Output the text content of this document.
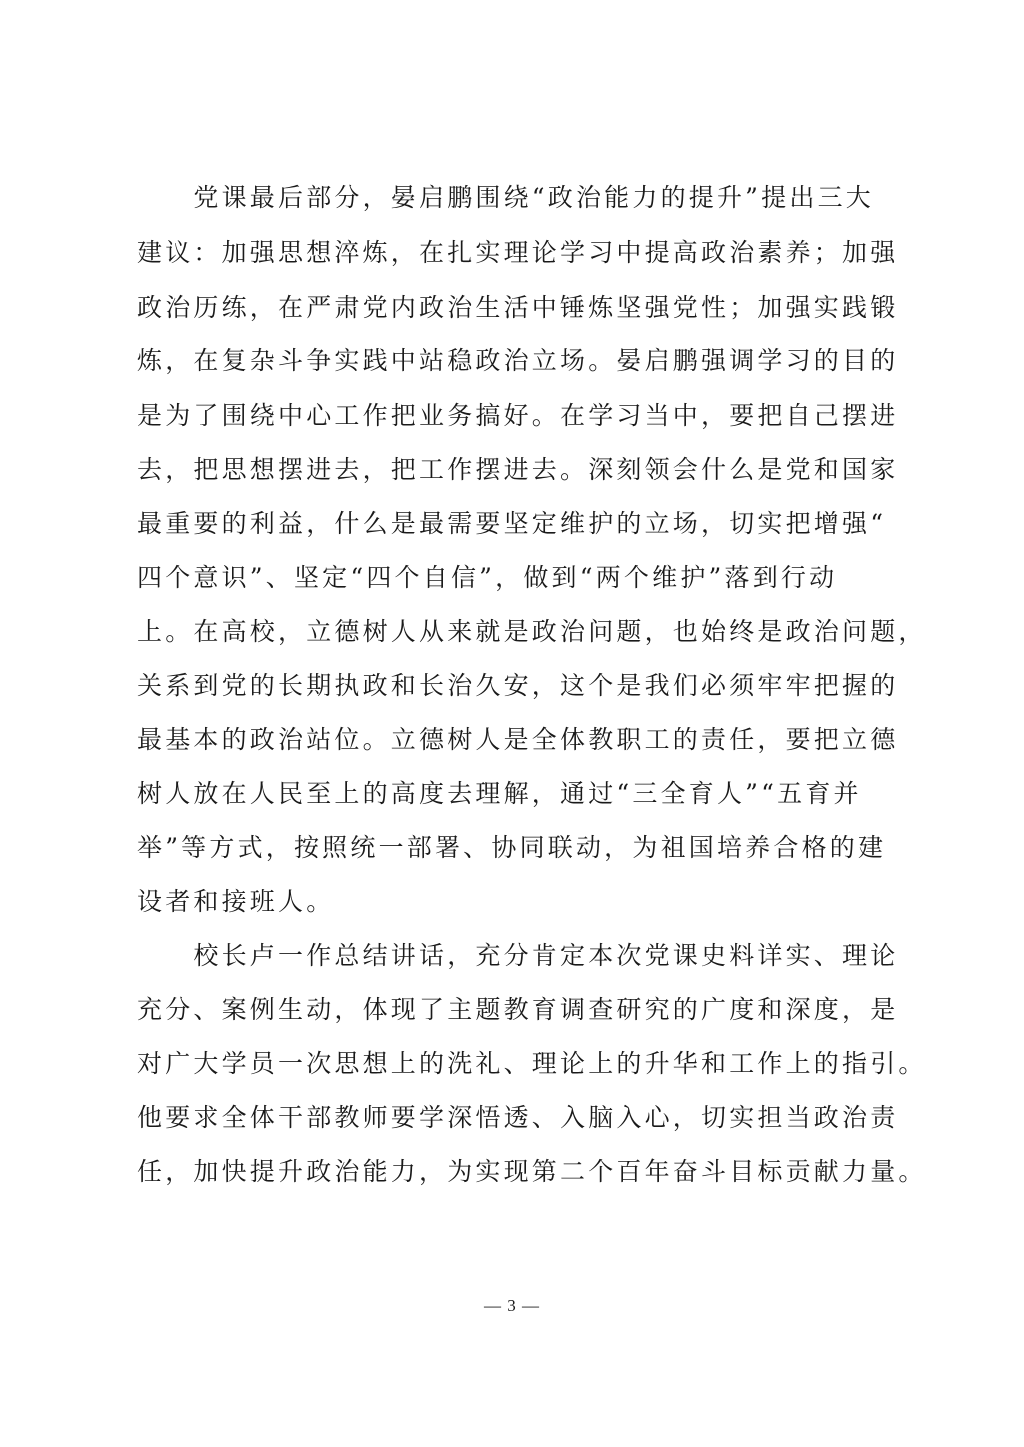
　　党课最后部分，晏启鹏围绕“政治能力的提升”提出三大
建议：加强思想淬炼，在扎实理论学习中提高政治素养；加强
政治历练，在严肃党内政治生活中锤炼坚强党性；加强实践锻
炼，在复杂斗争实践中站稳政治立场。晏启鹏强调学习的目的
是为了围绕中心工作把业务搞好。在学习当中，要把自己摆进
去，把思想摆进去，把工作摆进去。深刻领会什么是党和国家
最重要的利益，什么是最需要坚定维护的立场，切实把增强“
四个意识”、坚定“四个自信”，做到“两个维护”落到行动
上。在高校，立德树人从来就是政治问题，也始终是政治问题，
关系到党的长期执政和长治久安，这个是我们必须牢牢把握的
最基本的政治站位。立德树人是全体教职工的责任，要把立德
树人放在人民至上的高度去理解，通过“三全育人”“五育并
举”等方式，按照统一部署、协同联动，为祖国培养合格的建
设者和接班人。
　　校长卢一作总结讲话，充分肯定本次党课史料详实、理论
充分、案例生动，体现了主题教育调查研究的广度和深度，是
对广大学员一次思想上的洗礼、理论上的升华和工作上的指引。
他要求全体干部教师要学深悟透、入脑入心，切实担当政治责
任，加快提升政治能力，为实现第二个百年奋斗目标贡献力量。
— 3 —
